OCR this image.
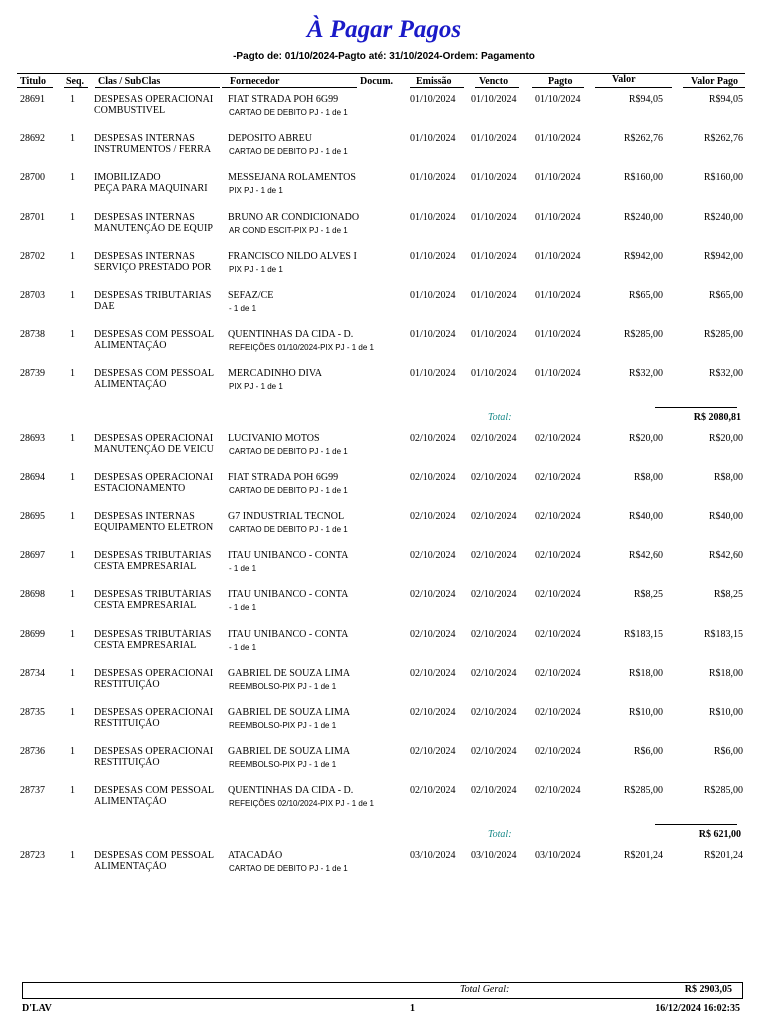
À Pagar Pagos
-Pagto de: 01/10/2024-Pagto até: 31/10/2024-Ordem: Pagamento
Titulo Seq. Clas / SubClas	Fornecedor	Docum. Emissão	Vencto	Pagto	Valor	Valor Pago
28691	1	DESPESAS OPERACIONAI	FIAT STRADA POH 6G99	01/10/2024	01/10/2024	01/10/2024	R$94,05	R$94,05
COMBUSTIVEL	CARTAO DE DEBITO PJ - 1 de 1
28692	1	DESPESAS INTERNAS	DEPÓSITO ABREU	01/10/2024	01/10/2024	01/10/2024	R$262,76	R$262,76
INSTRUMENTOS / FERRA	CARTAO DE DEBITO PJ - 1 de 1
28700	1	IMOBILIZADO	MESSEJANA ROLAMENTOS	01/10/2024	01/10/2024	01/10/2024	R$160,00	R$160,00
PEÇA PARA MAQUINARI	PIX PJ - 1 de 1
28701	1	DESPESAS INTERNAS	BRUNO AR CONDICIONADO	01/10/2024	01/10/2024	01/10/2024	R$240,00	R$240,00
MANUTENÇÃO DE EQUIP	AR COND ESCIT-PIX PJ - 1 de 1
28702	1	DESPESAS INTERNAS	FRANCISCO NILDO ALVES I	01/10/2024	01/10/2024	01/10/2024	R$942,00	R$942,00
SERVIÇO PRESTADO POR	PIX PJ - 1 de 1
28703	1	DESPESAS TRIBUTÁRIAS	SEFAZ/CE	01/10/2024	01/10/2024	01/10/2024	R$65,00	R$65,00
DAE	- 1 de 1
28738	1	DESPESAS COM PESSOAL	QUENTINHAS DA CIDA - D.	01/10/2024	01/10/2024	01/10/2024	R$285,00	R$285,00
ALIMENTAÇÃO	REFEIÇÕES 01/10/2024-PIX PJ - 1 de 1
28739	1	DESPESAS COM PESSOAL	MERCADINHO DIVA	01/10/2024	01/10/2024	01/10/2024	R$32,00	R$32,00
ALIMENTAÇÃO	PIX PJ - 1 de 1
Total:	R$ 2080,81
28693	1	DESPESAS OPERACIONAI	LUCIVANIO MOTOS	02/10/2024	02/10/2024	02/10/2024	R$20,00	R$20,00
MANUTENÇÃO DE VEICU	CARTAO DE DEBITO PJ - 1 de 1
28694	1	DESPESAS OPERACIONAI	FIAT STRADA POH 6G99	02/10/2024	02/10/2024	02/10/2024	R$8,00	R$8,00
ESTACIONAMENTO	CARTAO DE DEBITO PJ - 1 de 1
28695	1	DESPESAS INTERNAS	G7 INDUSTRIAL TECNOL	02/10/2024	02/10/2024	02/10/2024	R$40,00	R$40,00
EQUIPAMENTO ELETRON	CARTAO DE DEBITO PJ - 1 de 1
28697	1	DESPESAS TRIBUTÁRIAS	ITAU UNIBANCO - CONTA	02/10/2024	02/10/2024	02/10/2024	R$42,60	R$42,60
CESTA EMPRESARIAL	- 1 de 1
28698	1	DESPESAS TRIBUTÁRIAS	ITAU UNIBANCO - CONTA	02/10/2024	02/10/2024	02/10/2024	R$8,25	R$8,25
CESTA EMPRESARIAL	- 1 de 1
28699	1	DESPESAS TRIBUTÁRIAS	ITAU UNIBANCO - CONTA	02/10/2024	02/10/2024	02/10/2024	R$183,15	R$183,15
CESTA EMPRESARIAL	- 1 de 1
28734	1	DESPESAS OPERACIONAI	GABRIEL DE SOUZA LIMA	02/10/2024	02/10/2024	02/10/2024	R$18,00	R$18,00
RESTITUIÇÃO	REEMBOLSO-PIX PJ - 1 de 1
28735	1	DESPESAS OPERACIONAI	GABRIEL DE SOUZA LIMA	02/10/2024	02/10/2024	02/10/2024	R$10,00	R$10,00
RESTITUIÇÃO	REEMBOLSO-PIX PJ - 1 de 1
28736	1	DESPESAS OPERACIONAI	GABRIEL DE SOUZA LIMA	02/10/2024	02/10/2024	02/10/2024	R$6,00	R$6,00
RESTITUIÇÃO	REEMBOLSO-PIX PJ - 1 de 1
28737	1	DESPESAS COM PESSOAL	QUENTINHAS DA CIDA - D.	02/10/2024	02/10/2024	02/10/2024	R$285,00	R$285,00
ALIMENTAÇÃO	REFEIÇÕES 02/10/2024-PIX PJ - 1 de 1
Total:	R$ 621,00
28723	1	DESPESAS COM PESSOAL	ATACADÃO	03/10/2024	03/10/2024	03/10/2024	R$201,24	R$201,24
ALIMENTAÇÃO	CARTAO DE DEBITO PJ - 1 de 1
Total Geral:	R$ 2903,05
D'LAV	1	16/12/2024 16:02:35
